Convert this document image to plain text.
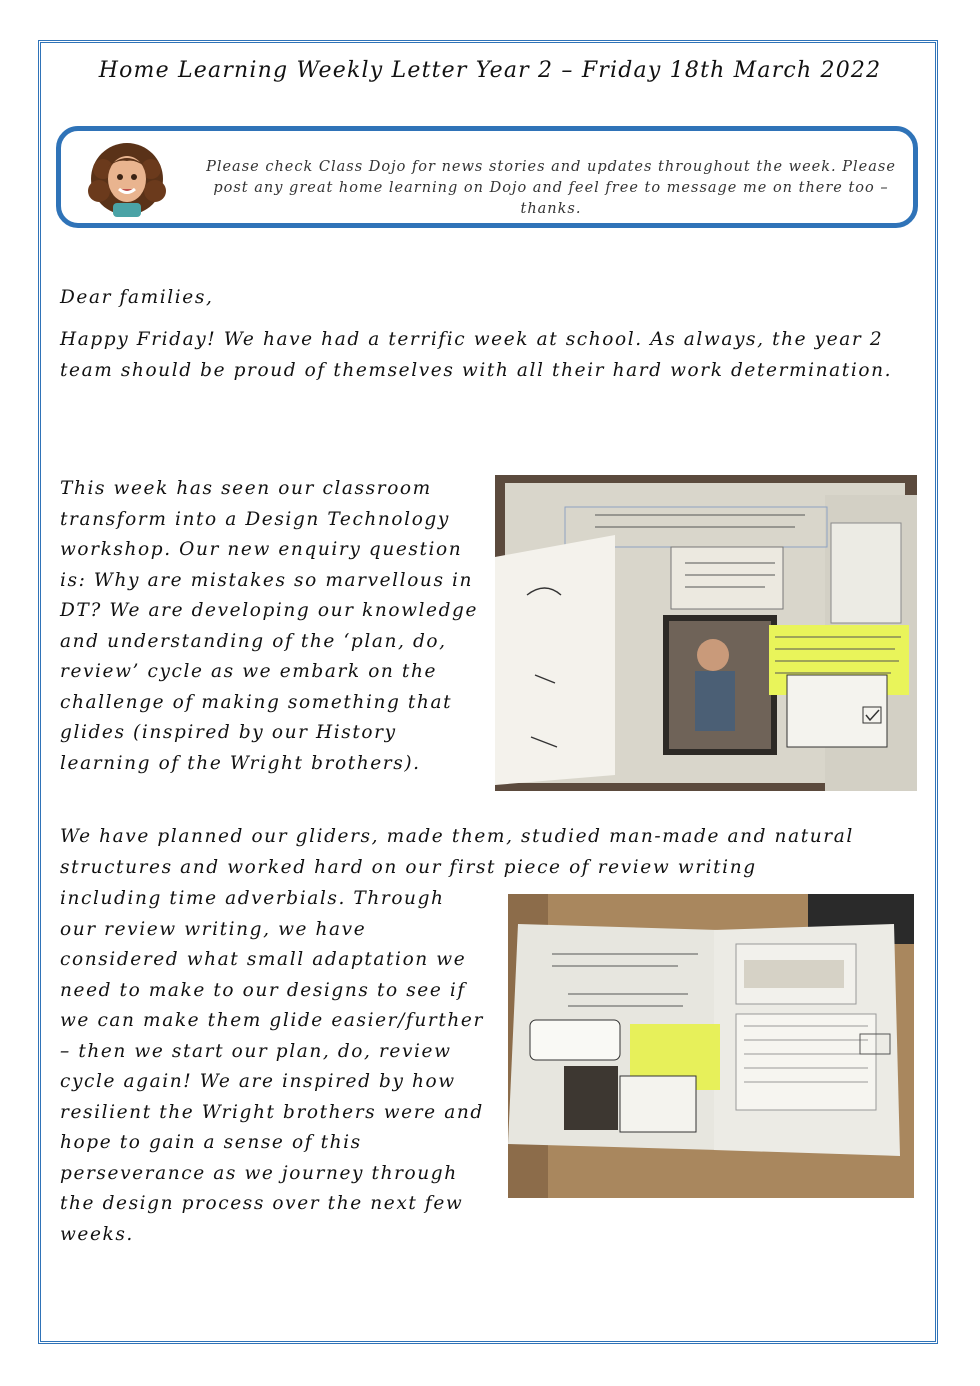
Home Learning Weekly Letter Year 2 – Friday 18th March 2022
Please check Class Dojo for news stories and updates throughout the week. Please post any great home learning on Dojo and feel free to message me on there too – thanks.
Dear families,
Happy Friday! We have had a terrific week at school. As always, the year 2 team should be proud of themselves with all their hard work determination.
This week has seen our classroom transform into a Design Technology workshop. Our new enquiry question is: Why are mistakes so marvellous in DT? We are developing our knowledge and understanding of the ‘plan, do, review’ cycle as we embark on the challenge of making something that glides (inspired by our History learning of the Wright brothers).
We have planned our gliders, made them, studied man-made and natural structures and worked hard on our first piece of review writing
including time adverbials. Through our review writing, we have considered what small adaptation we need to make to our designs to see if we can make them glide easier/further – then we start our plan, do, review cycle again! We are inspired by how resilient the Wright brothers were and hope to gain a sense of this perseverance as we journey through the design process over the next few weeks.
